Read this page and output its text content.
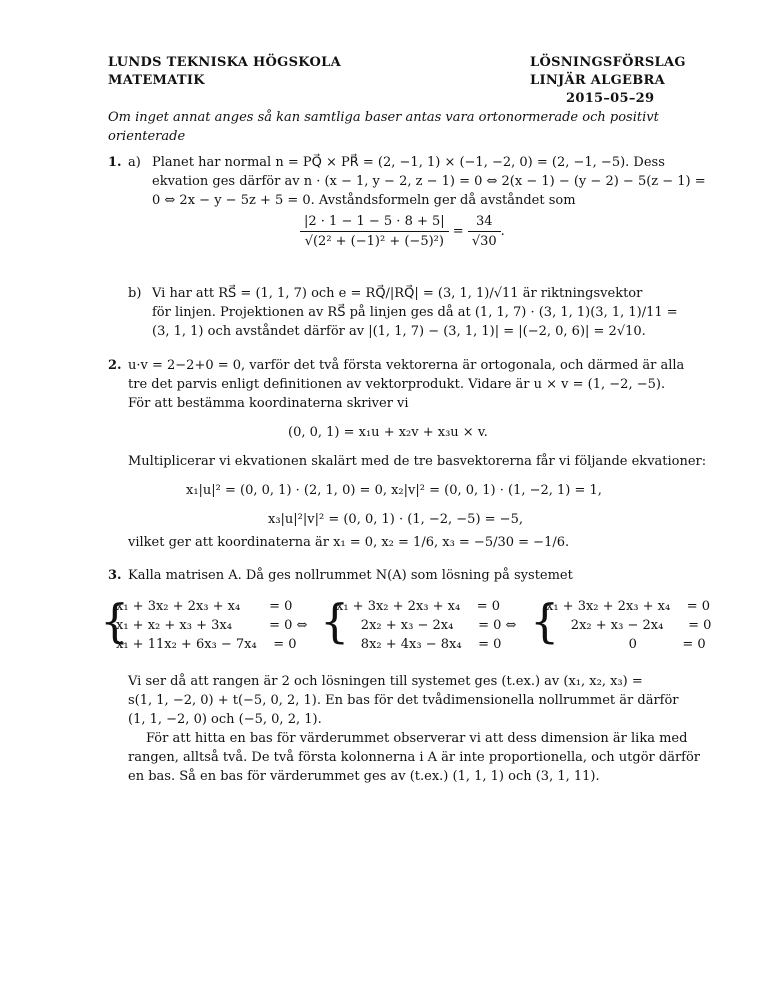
LUNDS TEKNISKA HÖGSKOLA
MATEMATIK
LÖSNINGSFÖRSLAG
LINJÄR ALGEBRA
2015–05–29
Om inget annat anges så kan samtliga baser antas vara ortonormerade och positivt orienterade
1. a) Planet har normal n = PQ⃗ × PR⃗ = (2, −1, 1) × (−1, −2, 0) = (2, −1, −5). Dess
ekvation ges därför av n · (x − 1, y − 2, z − 1) = 0 ⇔ 2(x − 1) − (y − 2) − 5(z − 1) =
0 ⇔ 2x − y − 5z + 5 = 0. Avståndsformeln ger då avståndet som
$\frac{|2 \cdot 1 - 1 - 5 \cdot 8 + 5|}{\text{√(2² + (−1)² + (−5)²)}} = \frac{34}{√30}$ .
b) Vi har att RS⃗ = (1, 1, 7) och e = RQ⃗/|RQ⃗| = (3, 1, 1)/√11 är riktningsvektor
för linjen. Projektionen av RS⃗ på linjen ges då at (1, 1, 7) · (3, 1, 1)(3, 1, 1)/11 =
(3, 1, 1) och avståndet därför av |(1, 1, 7) − (3, 1, 1)| = |(−2, 0, 6)| = 2√10.
2. u·v = 2−2+0 = 0, varför det två första vektorerna är ortogonala, och därmed är alla
tre det parvis enligt definitionen av vektorprodukt. Vidare är u × v = (1, −2, −5).
För att bestämma koordinaterna skriver vi
(0, 0, 1) = x₁u + x₂v + x₃u × v.
Multiplicerar vi ekvationen skalärt med de tre basvektorerna får vi följande ekvationer:
x₁|u|² = (0, 0, 1) · (2, 1, 0) = 0, x₂|v|² = (0, 0, 1) · (1, −2, 1) = 1,
x₃|u|²|v|² = (0, 0, 1) · (1, −2, −5) = −5,
vilket ger att koordinaterna är x₁ = 0, x₂ = 1/6, x₃ = −5/30 = −1/6.
3. Kalla matrisen A. Då ges nollrummet N(A) som lösning på systemet
{
x₁ + 3x₂ + 2x₃ + x₄       = 0
x₁ + x₂ + x₃ + 3x₄         = 0 ⇔
x₁ + 11x₂ + 6x₃ − 7x₄    = 0 {
x₁ + 3x₂ + 2x₃ + x₄    = 0
2x₂ + x₃ − 2x₄      = 0 ⇔
8x₂ + 4x₃ − 8x₄    = 0 {
x₁ + 3x₂ + 2x₃ + x₄    = 0
2x₂ + x₃ − 2x₄      = 0
0           = 0
Vi ser då att rangen är 2 och lösningen till systemet ges (t.ex.) av (x₁, x₂, x₃) =
s(1, 1, −2, 0) + t(−5, 0, 2, 1). En bas för det tvådimensionella nollrummet är därför
(1, 1, −2, 0) och (−5, 0, 2, 1).
För att hitta en bas för värderummet observerar vi att dess dimension är lika med
rangen, alltså två. De två första kolonnerna i A är inte proportionella, och utgör därför
en bas. Så en bas för värderummet ges av (t.ex.) (1, 1, 1) och (3, 1, 11).
